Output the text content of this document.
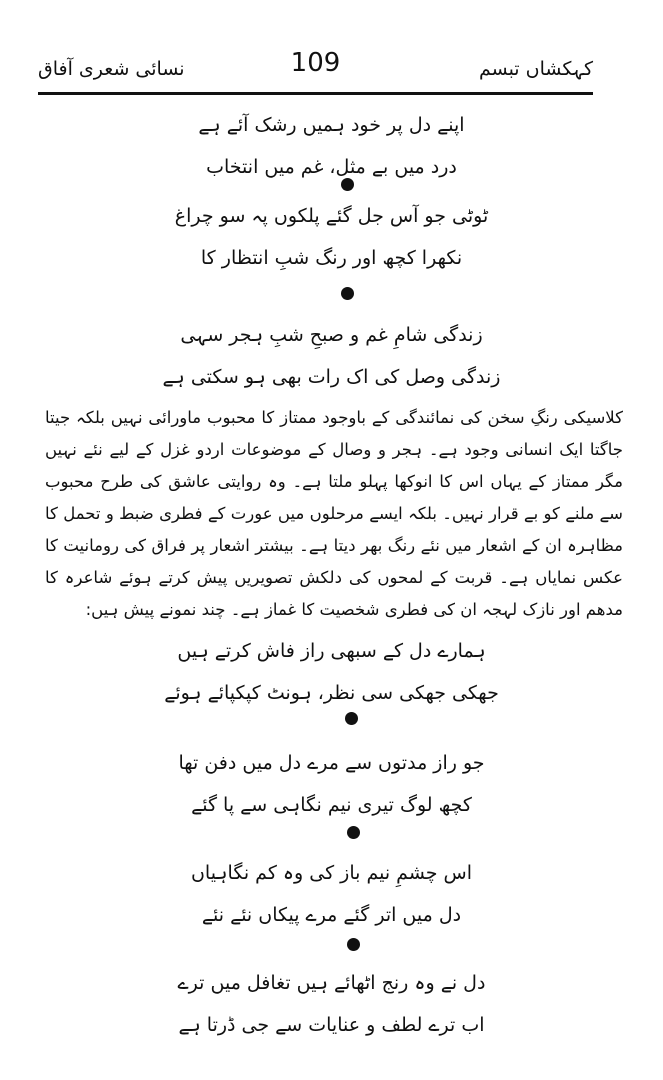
نسائی شعری آفاق	کہکشاں تبسم
109
اپنے دل پر خود ہمیں رشک آئے ہے
درد میں بے مثل، غم میں انتخاب
ٹوٹی جو آس جل گئے پلکوں پہ سو چراغ
نکھرا کچھ اور رنگ شبِ انتظار کا
زندگی شامِ غم و صبحِ شبِ ہجر سہی
زندگی وصل کی اک رات بھی ہو سکتی ہے
کلاسیکی رنگِ سخن کی نمائندگی کے باوجود ممتاز کا محبوب ماورائی نہیں بلکہ جیتا جاگتا ایک انسانی وجود ہے۔ ہجر و وصال کے موضوعات اردو غزل کے لیے نئے نہیں مگر ممتاز کے یہاں اس کا انوکھا پہلو ملتا ہے۔ وہ روایتی عاشق کی طرح محبوب سے ملنے کو بے قرار نہیں۔ بلکہ ایسے مرحلوں میں عورت کے فطری ضبط و تحمل کا مظاہرہ ان کے اشعار میں نئے رنگ بھر دیتا ہے۔ بیشتر اشعار پر فراق کی رومانیت کا عکس نمایاں ہے۔ قربت کے لمحوں کی دلکش تصویریں پیش کرتے ہوئے شاعرہ کا مدھم اور نازک لہجہ ان کی فطری شخصیت کا غماز ہے۔ چند نمونے پیش ہیں:
ہمارے دل کے سبھی راز فاش کرتے ہیں
جھکی جھکی سی نظر، ہونٹ کپکپائے ہوئے
جو راز مدتوں سے مرے دل میں دفن تھا
کچھ لوگ تیری نیم نگاہی سے پا گئے
اس چشمِ نیم باز کی وہ کم نگاہیاں
دل میں اتر گئے مرے پیکاں نئے نئے
دل نے وہ رنج اٹھائے ہیں تغافل میں ترے
اب ترے لطف و عنایات سے جی ڈرتا ہے
